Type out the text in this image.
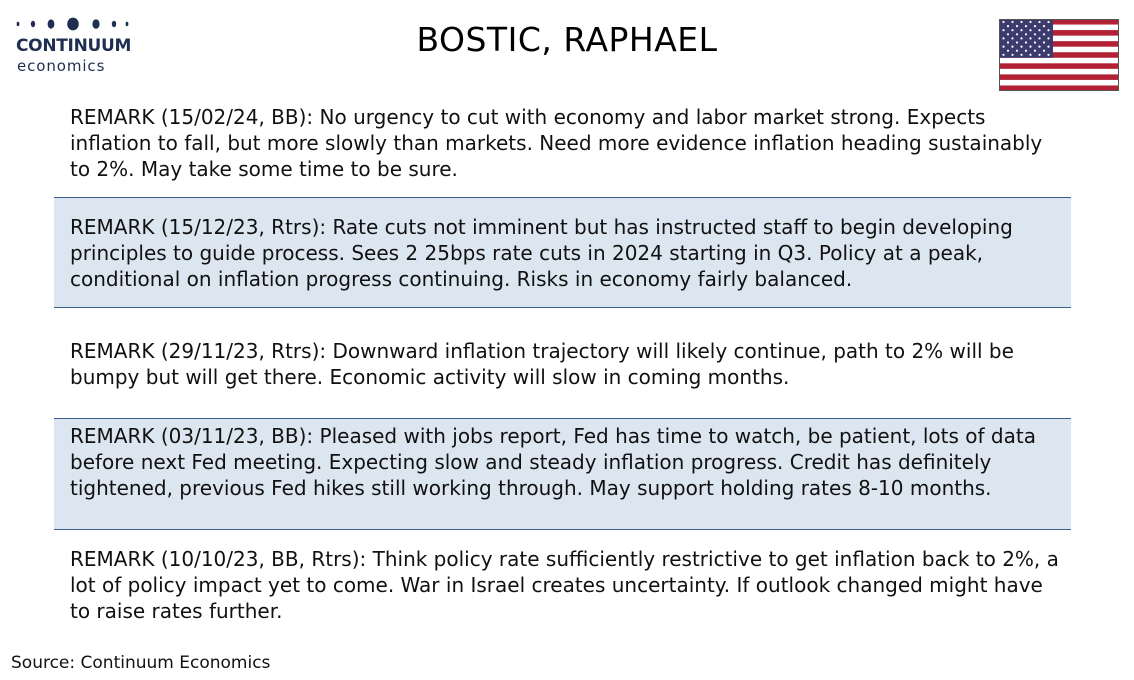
CONTINUUM
economics
BOSTIC, RAPHAEL
REMARK (15/02/24, BB): No urgency to cut with economy and labor market strong. Expects inflation to fall, but more slowly than markets. Need more evidence inflation heading sustainably to 2%. May take some time to be sure.
REMARK (15/12/23, Rtrs): Rate cuts not imminent but has instructed staff to begin developing principles to guide process. Sees 2 25bps rate cuts in 2024 starting in Q3. Policy at a peak, conditional on inflation progress continuing. Risks in economy fairly balanced.
REMARK (29/11/23, Rtrs): Downward inflation trajectory will likely continue, path to 2% will be bumpy but will get there. Economic activity will slow in coming months.
REMARK (03/11/23, BB): Pleased with jobs report, Fed has time to watch, be patient, lots of data before next Fed meeting. Expecting slow and steady inflation progress. Credit has definitely tightened, previous Fed hikes still working through. May support holding rates 8-10 months.
REMARK (10/10/23, BB, Rtrs): Think policy rate sufficiently restrictive to get inflation back to 2%, a lot of policy impact yet to come. War in Israel creates uncertainty. If outlook changed might have to raise rates further.
Source: Continuum Economics
